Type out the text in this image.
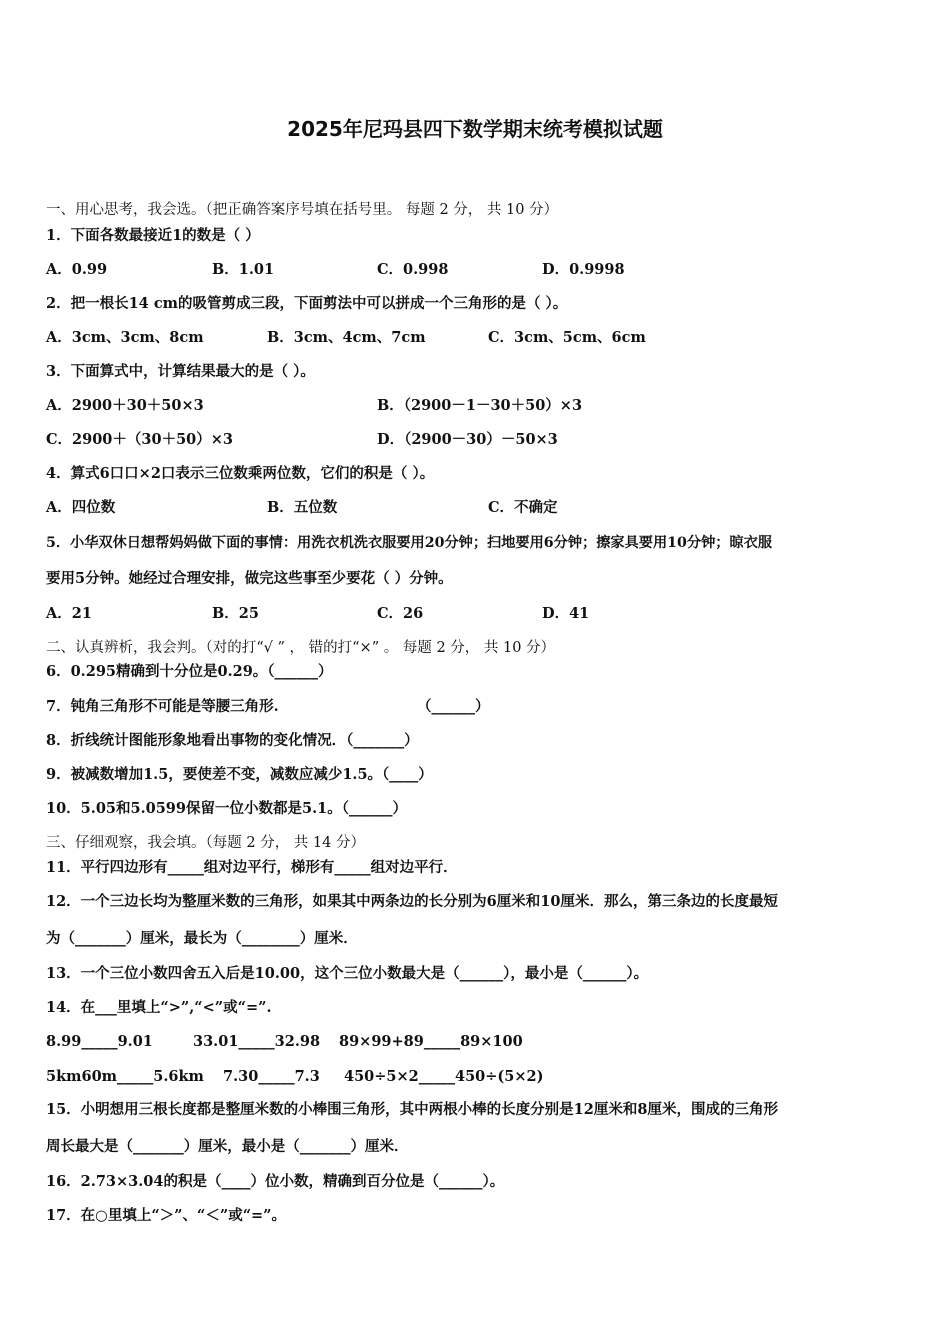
2025年尼玛县四下数学期末统考模拟试题
一、用心思考，我会选。（把正确答案序号填在括号里。 每题 2 分， 共 10 分）
1．下面各数最接近1的数是（ ）
A．0.99	B．1.01	C．0.998	D．0.9998
2．把一根长14 cm的吸管剪成三段，下面剪法中可以拼成一个三角形的是（ ）。
A．3cm、3cm、8cm	B．3cm、4cm、7cm	C．3cm、5cm、6cm
3．下面算式中，计算结果最大的是（ ）。
A．2900＋30＋50×3	B．（2900－1－30＋50）×3
C．2900＋（30＋50）×3	D．（2900－30）－50×3
4．算式6口口×2口表示三位数乘两位数，它们的积是（ ）。
A．四位数	B．五位数	C．不确定
5．小华双休日想帮妈妈做下面的事情：用洗衣机洗衣服要用20分钟；扫地要用6分钟；擦家具要用10分钟；晾衣服
要用5分钟。她经过合理安排，做完这些事至少要花（ ）分钟。
A．21	B．25	C．26	D．41
二、认真辨析，我会判。（对的打“√ ” ， 错的打“×” 。 每题 2 分， 共 10 分）
6．0.295精确到十分位是0.29。（______）
7．钝角三角形不可能是等腰三角形.	（______）
8．折线统计图能形象地看出事物的变化情况．（_______）
9．被减数增加1.5，要使差不变，减数应减少1.5。（____）
10．5.05和5.0599保留一位小数都是5.1。（______）
三、仔细观察，我会填。（每题 2 分， 共 14 分）
11．平行四边形有_____组对边平行，梯形有_____组对边平行．
12．一个三边长均为整厘米数的三角形，如果其中两条边的长分别为6厘米和10厘米．那么，第三条边的长度最短
为（_______）厘米，最长为（________）厘米．
13．一个三位小数四舍五入后是10.00，这个三位小数最大是（______），最小是（______）。
14．在___里填上“>”,“<”或“=”.
8.99_____9.01	33.01_____32.98 89×99+89_____89×100
5km60m_____5.6km 7.30_____7.3 450÷5×2_____450÷(5×2)
15．小明想用三根长度都是整厘米数的小棒围三角形，其中两根小棒的长度分别是12厘米和8厘米，围成的三角形
周长最大是（_______）厘米，最小是（_______）厘米．
16．2.73×3.04的积是（____）位小数，精确到百分位是（______）。
17．在○里填上“＞”、“＜”或“=”。
